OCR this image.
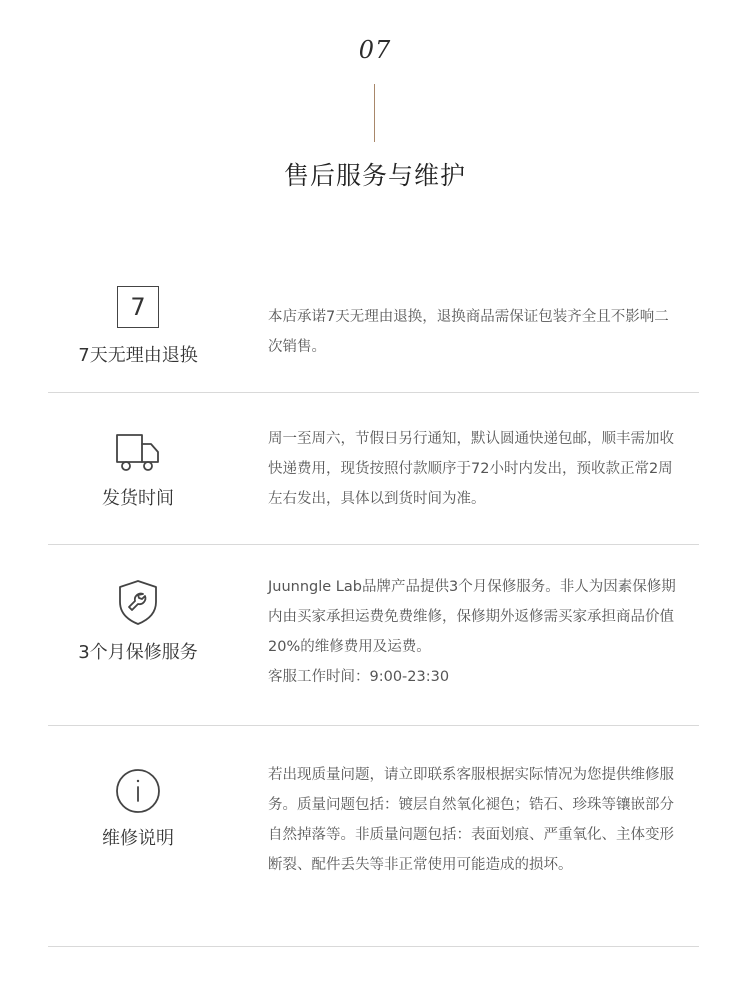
07
售后服务与维护
7
7天无理由退换

本店承诺7天无理由退换，退换商品需保证包装齐全且不影响二次销售。

发货时间

周一至周六，节假日另行通知，默认圆通快递包邮，顺丰需加收快递费用，现货按照付款顺序于72小时内发出，预收款正常2周左右发出，具体以到货时间为准。

3个月保修服务

Juunngle Lab品牌产品提供3个月保修服务。非人为因素保修期内由买家承担运费免费维修，保修期外返修需买家承担商品价值20%的维修费用及运费。

客服工作时间：9:00-23:30

维修说明

若出现质量问题，请立即联系客服根据实际情况为您提供维修服务。质量问题包括：镀层自然氧化褪色；锆石、珍珠等镶嵌部分自然掉落等。非质量问题包括：表面划痕、严重氧化、主体变形断裂、配件丢失等非正常使用可能造成的损坏。
